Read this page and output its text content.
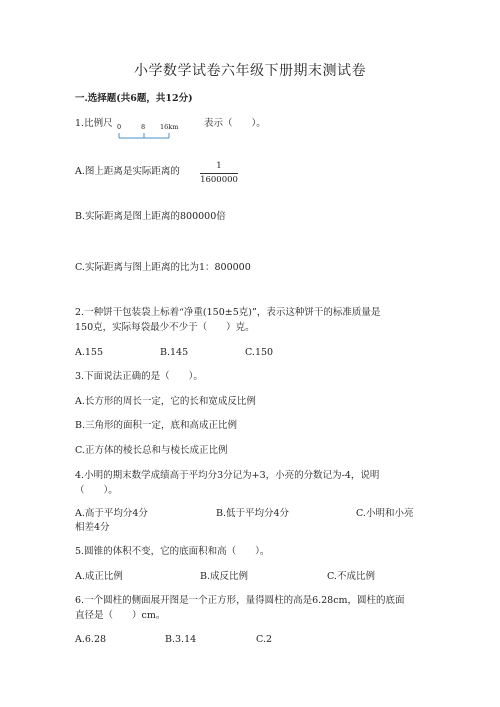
小学数学试卷六年级下册期末测试卷
一.选择题(共6题，共12分)
1.比例尺 0	8 16km	表示（　　）。
A.图上距离是实际距离的	1
1600000
B.实际距离是图上距离的800000倍
C.实际距离与图上距离的比为1：800000
2.一种饼干包装袋上标着“净重(150±5克)”，表示这种饼干的标准质量是
150克，实际每袋最少不少于（　　）克。
A.155	B.145	C.150
3.下面说法正确的是（　　）。
A.长方形的周长一定，它的长和宽成反比例
B.三角形的面积一定，底和高成正比例
C.正方体的棱长总和与棱长成正比例
4.小明的期末数学成绩高于平均分3分记为+3，小亮的分数记为-4，说明
（　　）。
A.高于平均分4分	B.低于平均分4分	C.小明和小亮
相差4分
5.圆锥的体积不变，它的底面积和高（　　）。
A.成正比例	B.成反比例	C.不成比例
6.一个圆柱的侧面展开图是一个正方形，量得圆柱的高是6.28cm，圆柱的底面
直径是（　　）cm。
A.6.28	B.3.14	C.2
